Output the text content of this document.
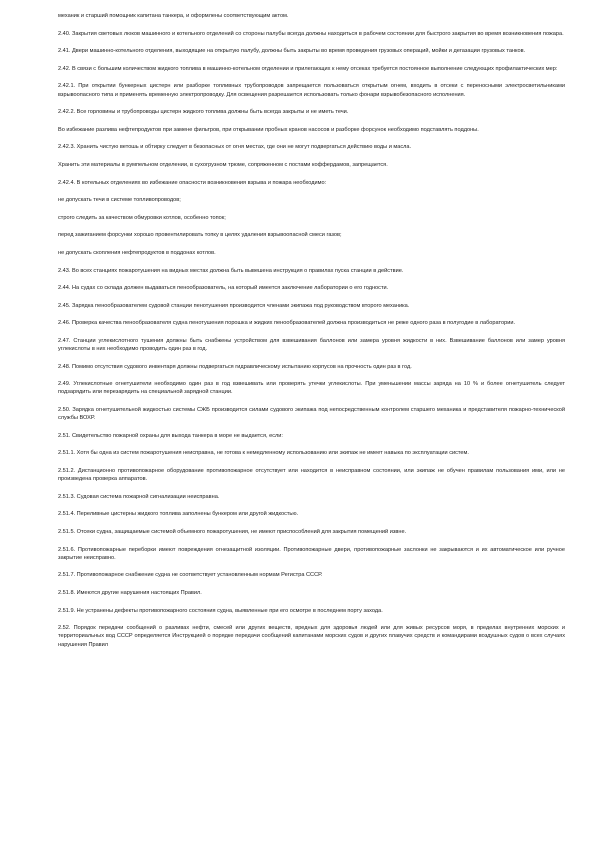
механик и старший помощник капитана танкера, и оформлены соответствующим актом.

2.40. Закрытия световых люков машинного и котельного отделений со стороны палубы всегда должны находиться в рабочем состоянии для быстрого закрытия во время возникновения пожара.

2.41. Двери машинно-котельного отделения, выходящие на открытую палубу, должны быть закрыты во время проведения грузовых операций, мойки и дегазации грузовых танков.

2.42. В связи с большим количеством жидкого топлива в машинно-котельном отделении и прилегающих к нему отсеках требуется постоянное выполнение следующих профилактических мер:

2.42.1. При открытии бункерных цистерн или разборке топливных трубопроводов запрещается пользоваться открытым огнем, входить в отсеки с переносными электросветильниками взрывоопасного типа и применять временную электропроводку. Для освещения разрешается использовать только фонари взрывобезопасного исполнения.

2.42.2. Все горловины и трубопроводы цистерн жидкого топлива должны быть всегда закрыты и не иметь течи.

Во избежание разлива нефтепродуктов при замене фильтров, при открывании пробных кранов насосов и разборке форсунок необходимо подставлять поддоны.

2.42.3. Хранить чистую ветошь и обтирку следует в безопасных от огня местах, где они не могут подвергаться действию воды и масла.

Хранить эти материалы в румпельном отделении, в сухогрузном трюме, сопряженном с постами коффердамов, запрещается.

2.42.4. В котельных отделениях во избежание опасности возникновения взрыва и пожара необходимо:

не допускать течи в системе топливопроводов;

строго следить за качеством обмуровки котлов, особенно топок;

перед зажиганием форсунки хорошо провентилировать топку в целях удаления взрывоопасной смеси газов;

не допускать скопления нефтепродуктов в поддонах котлов.

2.43. Во всех станциях пожаротушения на видных местах должна быть вывешена инструкция о правилах пуска станции в действие.

2.44. На судах со склада должен выдаваться пенообразователь, на который имеется заключение лаборатории о его годности.

2.45. Зарядка пенообразователем судовой станции пенотушения производится членами экипажа под руководством второго механика.

2.46. Проверка качества пенообразователя судна пенотушения порошка и жидких пенообразователей должна производиться не реже одного раза в полугодие в лаборатории.

2.47. Станции углекислотного тушения должны быть снабжены устройством для взвешивания баллонов или замера уровня жидкости в них. Взвешивание баллонов или замер уровня углекислоты в них необходимо проводить один раз в год.

2.48. Помимо отсутствия судового инвентаря должны подвергаться гидравлическому испытанию корпусов на прочность один раз в год.

2.49. Углекислотные огнетушители необходимо один раз в год взвешивать или проверять утечки углекислоты. При уменьшении массы заряда на 10 % и более огнетушитель следует подзарядить или перезарядить на специальной зарядной станции.

2.50. Зарядка огнетушительной жидкостью системы СЖБ производится силами судового экипажа под непосредственным контролем старшего механика и представителя пожарно-технической службы ВОХР.

2.51. Свидетельство пожарной охраны для выхода танкера в море не выдается, если:

2.51.1. Хотя бы одна из систем пожаротушения неисправна, не готова к немедленному использованию или экипаж не имеет навыка по эксплуатации систем.

2.51.2. Дистанционно противопожарное оборудование противопожарное отсутствует или находится в неисправном состоянии, или экипаж не обучен правилам пользования ими, или не произведена проверка аппаратов.

2.51.3. Судовая система пожарной сигнализации неисправна.

2.51.4. Переливные цистерны жидкого топлива заполнены бункером или другой жидкостью.

2.51.5. Отсеки судна, защищаемые системой объемного пожаротушения, не имеют приспособлений для закрытия помещений извне.

2.51.6. Противопожарные переборки имеют повреждения огнезащитной изоляции. Противопожарные двери, противопожарные заслонки не закрываются и их автоматическое или ручное закрытие неисправно.

2.51.7. Противопожарное снабжение судна не соответствует установленным нормам Регистра СССР.

2.51.8. Имеются другие нарушения настоящих Правил.

2.51.9. Не устранены дефекты противопожарного состояния судна, выявленные при его осмотре в последнем порту захода.

2.52. Порядок передачи сообщений о разливах нефти, смесей или других веществ, вредных для здоровья людей или для живых ресурсов моря, в пределах внутренних морских и территориальных вод СССР определяется Инструкцией о порядке передачи сообщений капитанами морских судов и других плавучих средств и командирами воздушных судов о всех случаях нарушения Правил
